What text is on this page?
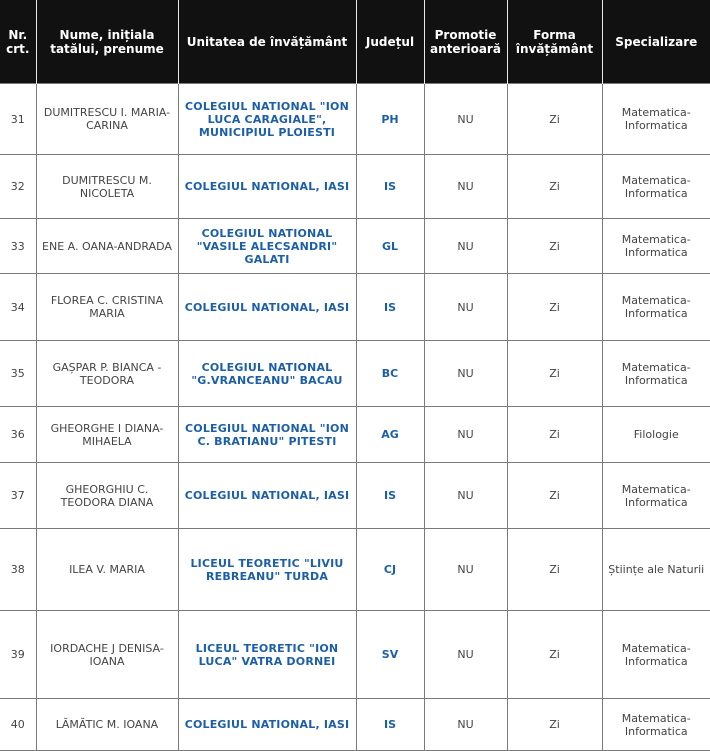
Nr. crt.	Nume, inițiala tatălui, prenume	Unitatea de învățământ	Județul	Promotie anterioară	Forma învățământ	Specializare
31	DUMITRESCU I. MARIA-CARINA	COLEGIUL NATIONAL "ION LUCA CARAGIALE", MUNICIPIUL PLOIESTI	PH	NU	Zi	Matematica-Informatica
32	DUMITRESCU M. NICOLETA	COLEGIUL NATIONAL, IASI	IS	NU	Zi	Matematica-Informatica
33	ENE A. OANA-ANDRADA	COLEGIUL NATIONAL "VASILE ALECSANDRI" GALATI	GL	NU	Zi	Matematica-Informatica
34	FLOREA C. CRISTINA MARIA	COLEGIUL NATIONAL, IASI	IS	NU	Zi	Matematica-Informatica
35	GAȘPAR P. BIANCA - TEODORA	COLEGIUL NATIONAL "G.VRANCEANU" BACAU	BC	NU	Zi	Matematica-Informatica
36	GHEORGHE I DIANA-MIHAELA	COLEGIUL NATIONAL "ION C. BRATIANU" PITESTI	AG	NU	Zi	Filologie
37	GHEORGHIU C. TEODORA DIANA	COLEGIUL NATIONAL, IASI	IS	NU	Zi	Matematica-Informatica
38	ILEA V. MARIA	LICEUL TEORETIC "LIVIU REBREANU" TURDA	CJ	NU	Zi	Științe ale Naturii
39	IORDACHE J DENISA-IOANA	LICEUL TEORETIC "ION LUCA" VATRA DORNEI	SV	NU	Zi	Matematica-Informatica
40	LĂMĂTIC M. IOANA	COLEGIUL NATIONAL, IASI	IS	NU	Zi	Matematica-Informatica
